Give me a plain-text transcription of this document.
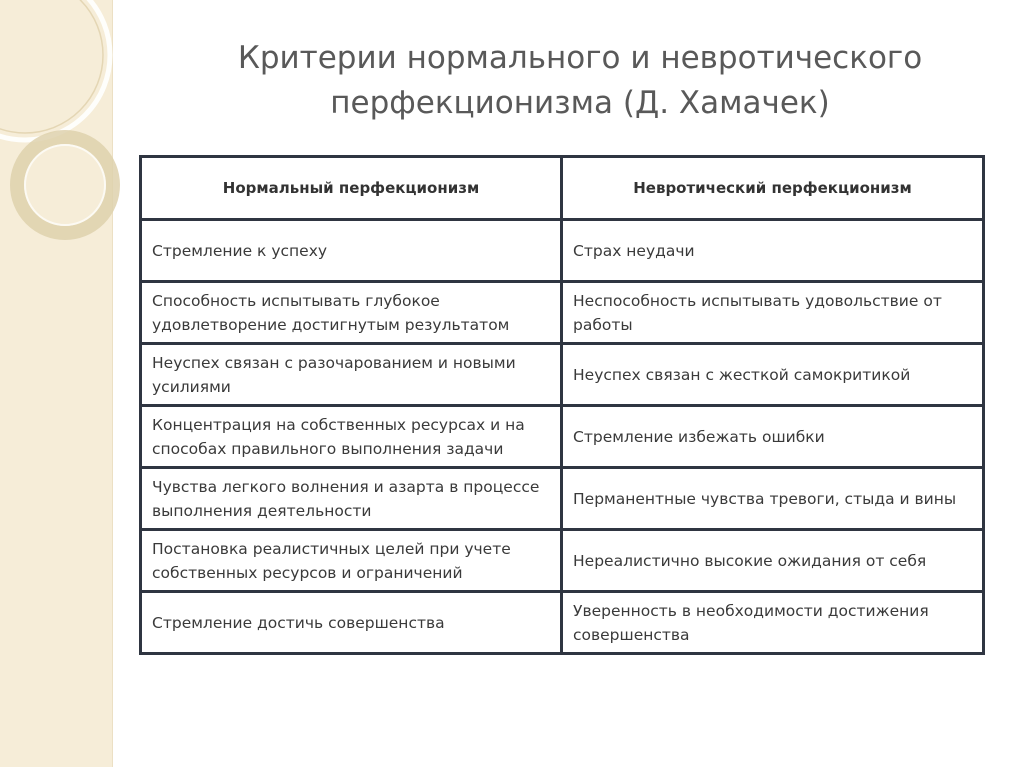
Критерии нормального и невротического
перфекционизма (Д. Хамачек)
Нормальный перфекционизм	Невротический перфекционизм
Стремление к успеху	Страх неудачи
Способность испытывать глубокое удовлетворение достигнутым результатом	Неспособность испытывать удовольствие от работы
Неуспех связан с разочарованием и новыми усилиями	Неуспех связан с жесткой самокритикой
Концентрация на собственных ресурсах и на способах правильного выполнения задачи	Стремление избежать ошибки
Чувства легкого волнения и азарта в процессе выполнения деятельности	Перманентные чувства тревоги, стыда и вины
Постановка реалистичных целей при учете собственных ресурсов и ограничений	Нереалистично высокие ожидания от себя
Стремление достичь совершенства	Уверенность в необходимости достижения совершенства
